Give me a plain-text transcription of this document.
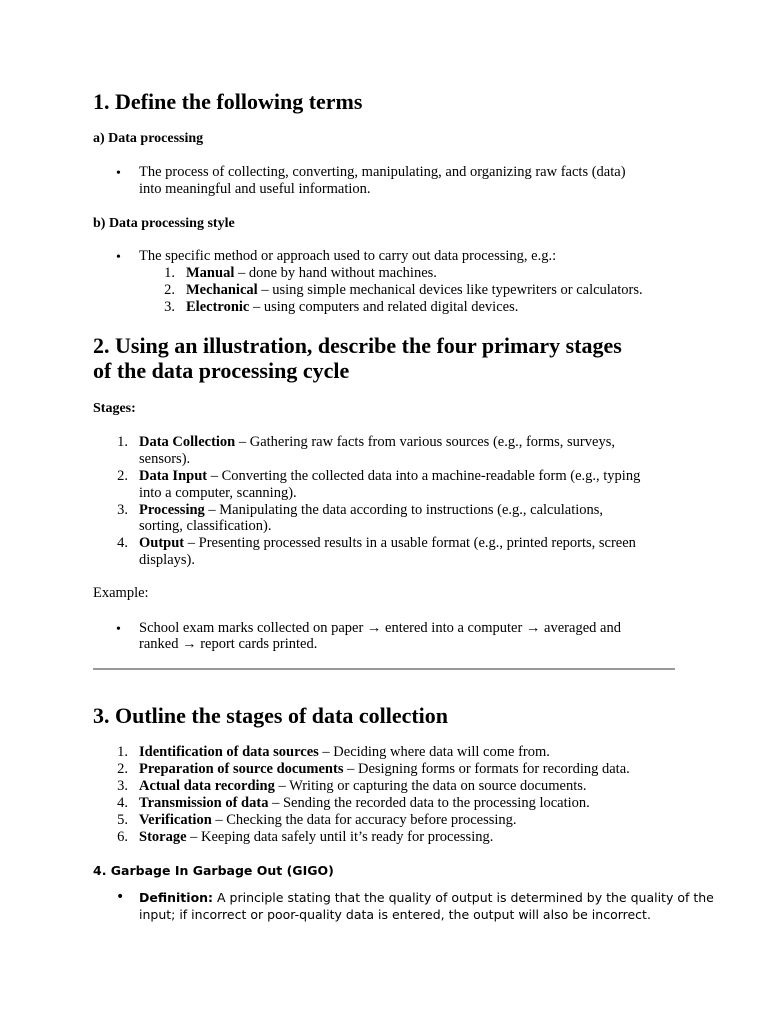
1. Define the following terms
a) Data processing
• The process of collecting, converting, manipulating, and organizing raw facts (data)
into meaningful and useful information.
b) Data processing style
• The specific method or approach used to carry out data processing, e.g.:
1. Manual – done by hand without machines.
2. Mechanical – using simple mechanical devices like typewriters or calculators.
3. Electronic – using computers and related digital devices.
2. Using an illustration, describe the four primary stages
of the data processing cycle
Stages:
1. Data Collection – Gathering raw facts from various sources (e.g., forms, surveys,
sensors).
2. Data Input – Converting the collected data into a machine-readable form (e.g., typing
into a computer, scanning).
3. Processing – Manipulating the data according to instructions (e.g., calculations,
sorting, classification).
4. Output – Presenting processed results in a usable format (e.g., printed reports, screen
displays).
Example:
• School exam marks collected on paper → entered into a computer → averaged and
ranked → report cards printed.
3. Outline the stages of data collection
1. Identification of data sources – Deciding where data will come from.
2. Preparation of source documents – Designing forms or formats for recording data.
3. Actual data recording – Writing or capturing the data on source documents.
4. Transmission of data – Sending the recorded data to the processing location.
5. Verification – Checking the data for accuracy before processing.
6. Storage – Keeping data safely until it’s ready for processing.
4. Garbage In Garbage Out (GIGO)
• Definition: A principle stating that the quality of output is determined by the quality of the
input; if incorrect or poor-quality data is entered, the output will also be incorrect.
